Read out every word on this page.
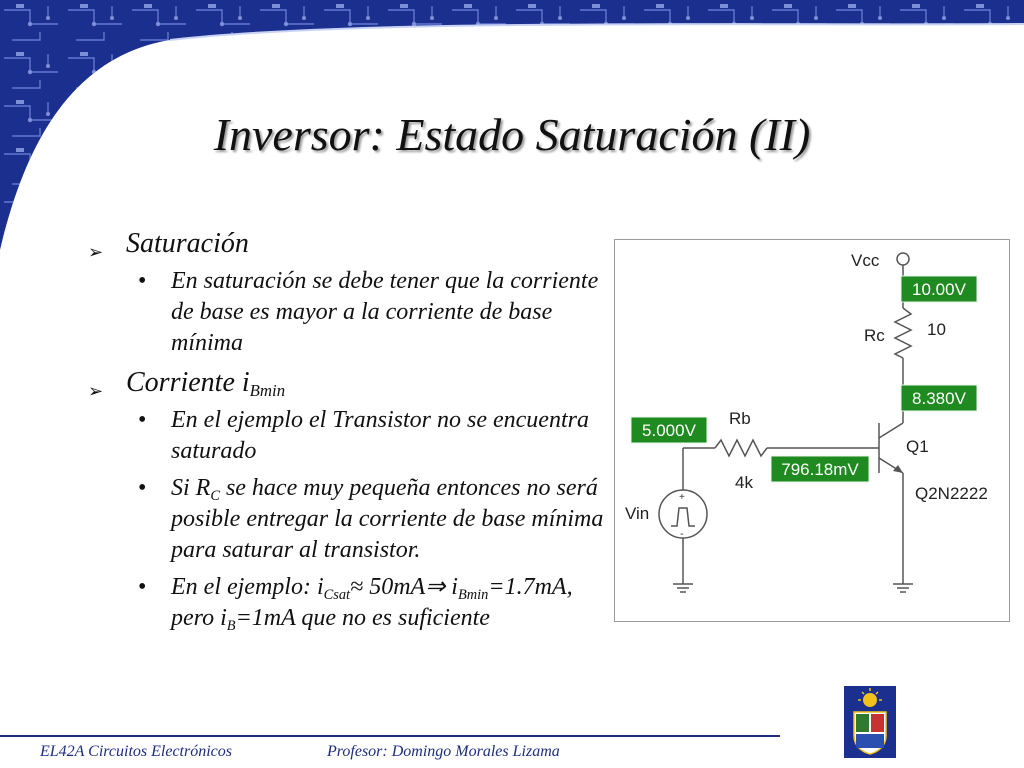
Inversor: Estado Saturación (II)
➢ Saturación
• En saturación se debe tener que la corriente de base es mayor a la corriente de base mínima
➢ Corriente $i_{Bmin}$
• En el ejemplo el Transistor no se encuentra saturado
• Si $R_C$ se hace muy pequeña entonces no será posible entregar la corriente de base mínima para saturar al transistor.
• En el ejemplo: $i_{Csat}\approx$ 50mA⇒ $i_{Bmin}=1.7mA$, pero $i_B=1mA$ que no es suficiente
Vcc
Rc 10
Q1
Q2N2222
Rb
4k
Vin
+
-
10.00V
8.380V
5.000V
796.18mV
EL42A Circuitos Electrónicos	Profesor: Domingo Morales Lizama
